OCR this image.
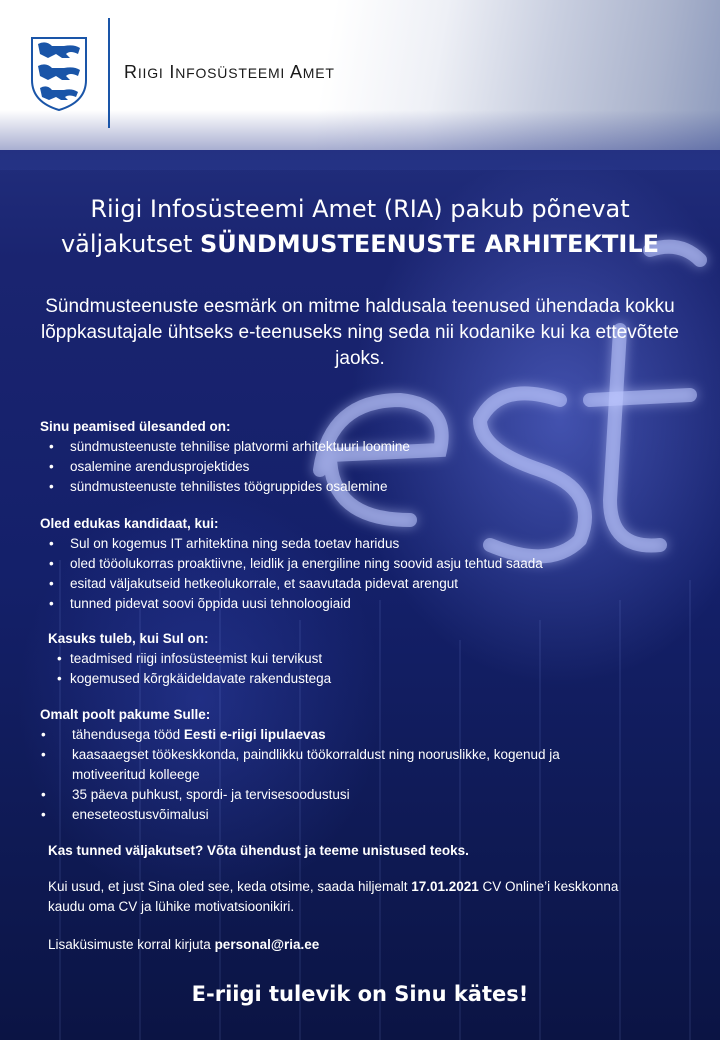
RIIGI INFOSÜSTEEMI AMET
Riigi Infosüsteemi Amet (RIA) pakub põnevat
väljakutset SÜNDMUSTEENUSTE ARHITEKTILE
Sündmusteenuste eesmärk on mitme haldusala teenused ühendada kokku lõppkasutajale ühtseks e-teenuseks ning seda nii kodanike kui ka ettevõtete jaoks.
Sinu peamised ülesanded on:
• sündmusteenuste tehnilise platvormi arhitektuuri loomine
• osalemine arendusprojektides
• sündmusteenuste tehnilistes töögruppides osalemine
Oled edukas kandidaat, kui:
• Sul on kogemus IT arhitektina ning seda toetav haridus
• oled tööolukorras proaktiivne, leidlik ja energiline ning soovid asju tehtud saada
• esitad väljakutseid hetkeolukorrale, et saavutada pidevat arengut
• tunned pidevat soovi õppida uusi tehnoloogiaid
Kasuks tuleb, kui Sul on:
• teadmised riigi infosüsteemist kui tervikust
• kogemused kõrgkäideldavate rakendustega
Omalt poolt pakume Sulle:
• tähendusega tööd Eesti e-riigi lipulaevas
• kaasaaegset töökeskkonda, paindlikku töökorraldust ning nooruslikke, kogenud ja motiveeritud kolleege
• 35 päeva puhkust, spordi- ja tervisesoodustusi
• eneseteostusvõimalusi
Kas tunned väljakutset? Võta ühendust ja teeme unistused teoks.
Kui usud, et just Sina oled see, keda otsime, saada hiljemalt 17.01.2021 CV Online’i keskkonna kaudu oma CV ja lühike motivatsioonikiri.
Lisaküsimuste korral kirjuta personal@ria.ee
E-riigi tulevik on Sinu kätes!
